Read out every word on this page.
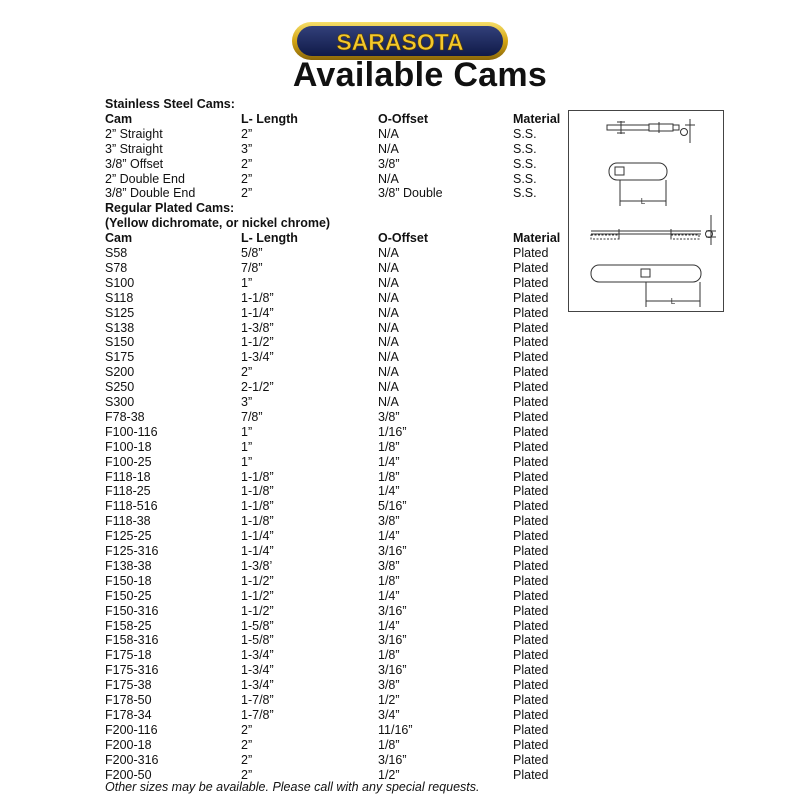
SARASOTA
Available Cams
Stainless Steel Cams:
Cam	L- Length	O-Offset	Material
2” Straight	2”	N/A	S.S.
3” Straight	3”	N/A	S.S.
3/8” Offset	2”	3/8”	S.S.
2” Double End	2”	N/A	S.S.
3/8” Double End	2”	3/8” Double	S.S.
Regular Plated Cams:
(Yellow dichromate, or nickel chrome)
Cam	L- Length	O-Offset	Material
S58	5/8”	N/A	Plated
S78	7/8”	N/A	Plated
S100	1”	N/A	Plated
S118	1-1/8”	N/A	Plated
S125	1-1/4”	N/A	Plated
S138	1-3/8”	N/A	Plated
S150	1-1/2”	N/A	Plated
S175	1-3/4”	N/A	Plated
S200	2”	N/A	Plated
S250	2-1/2”	N/A	Plated
S300	3”	N/A	Plated
F78-38	7/8”	3/8”	Plated
F100-116	1”	1/16”	Plated
F100-18	1”	1/8”	Plated
F100-25	1”	1/4”	Plated
F118-18	1-1/8”	1/8”	Plated
F118-25	1-1/8”	1/4”	Plated
F118-516	1-1/8”	5/16”	Plated
F118-38	1-1/8”	3/8”	Plated
F125-25	1-1/4”	1/4”	Plated
F125-316	1-1/4”	3/16”	Plated
F138-38	1-3/8’	3/8”	Plated
F150-18	1-1/2”	1/8”	Plated
F150-25	1-1/2”	1/4”	Plated
F150-316	1-1/2”	3/16”	Plated
F158-25	1-5/8”	1/4”	Plated
F158-316	1-5/8”	3/16”	Plated
F175-18	1-3/4”	1/8”	Plated
F175-316	1-3/4”	3/16”	Plated
F175-38	1-3/4”	3/8”	Plated
F178-50	1-7/8”	1/2”	Plated
F178-34	1-7/8”	3/4”	Plated
F200-116	2”	11/16”	Plated
F200-18	2”	1/8”	Plated
F200-316	2”	3/16”	Plated
F200-50	2”	1/2”	Plated
L
L
Other sizes may be available. Please call with any special requests.
